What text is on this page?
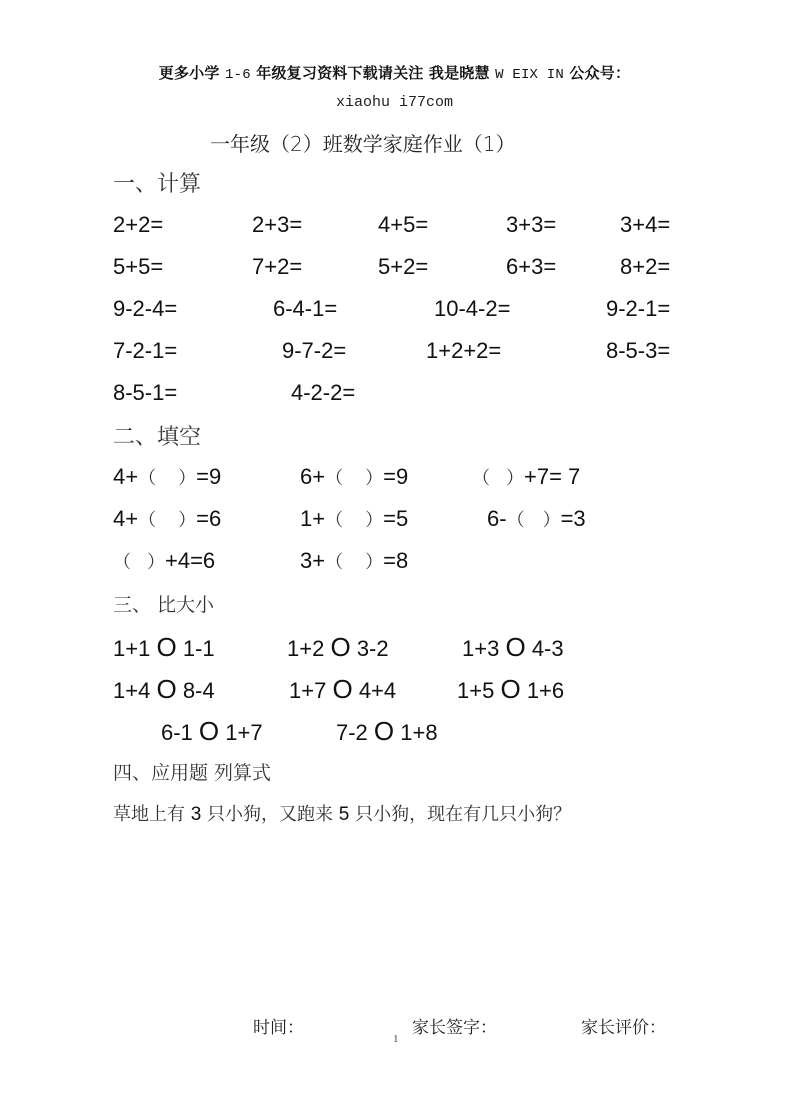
更多小学 1-6 年级复习资料下载请关注 我是晓慧 W EIX IN 公众号：
xiaohu i77com
一年级（2）班数学家庭作业（1）
一、计算
2+2=	2+3=	4+5=	3+3=	3+4=
5+5=	7+2=	5+2=	6+3=	8+2=
9-2-4=	6-4-1=	10-4-2=	9-2-1=
7-2-1=	9-7-2=	1+2+2=	8-5-3=
8-5-1=	4-2-2=
二、填空
4+（ ）=9	6+（ ）=9	（ ）+7= 7
4+（ ）=6	1+（ ）=5	6-（ ）=3
（ ）+4=6	3+（ ）=8
三、 比大小
1+1 O 1-1	1+2 O 3-2	1+3 O 4-3
1+4 O 8-4	1+7 O 4+4	1+5 O 1+6
6-1 O 1+7	7-2 O 1+8
四、应用题 列算式
草地上有 3 只小狗，又跑来 5 只小狗，现在有几只小狗？
时间：	家长签字：	家长评价：
1
